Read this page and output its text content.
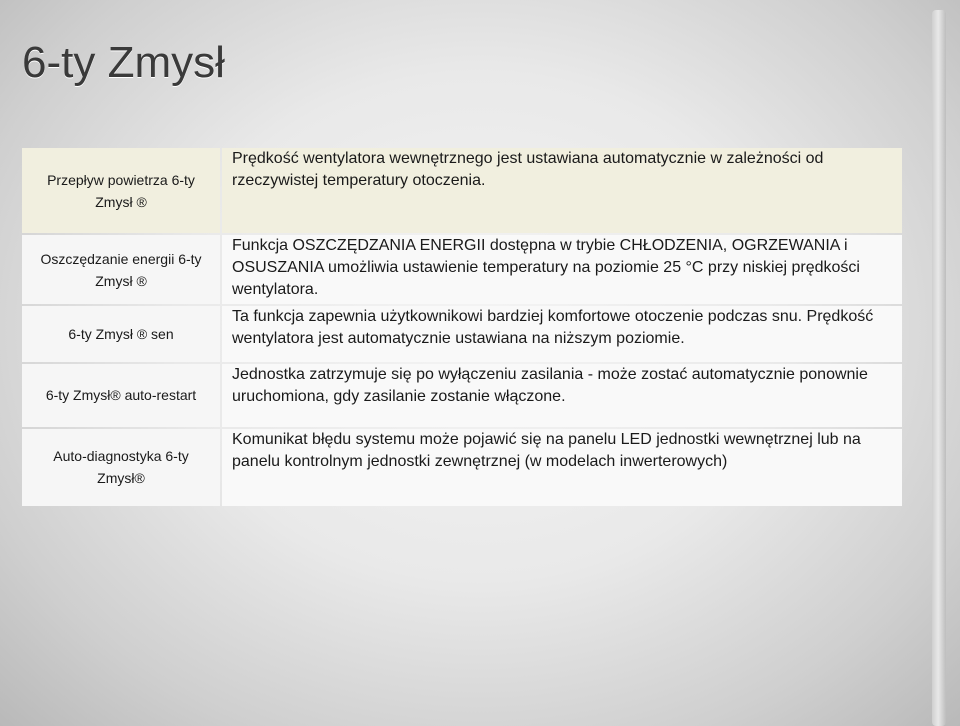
6-ty Zmysł
Przepływ powietrza 6-ty Zmysł ®	Prędkość wentylatora wewnętrznego jest ustawiana automatycznie w zależności od rzeczywistej temperatury otoczenia.
Oszczędzanie energii 6-ty Zmysł ®	Funkcja OSZCZĘDZANIA ENERGII dostępna w trybie CHŁODZENIA, OGRZEWANIA i OSUSZANIA umożliwia ustawienie temperatury na poziomie 25 °C przy niskiej prędkości wentylatora.
6-ty Zmysł ® sen	Ta funkcja zapewnia użytkownikowi bardziej komfortowe otoczenie podczas snu. Prędkość wentylatora jest automatycznie ustawiana na niższym poziomie.
6-ty Zmysł® auto-restart	Jednostka zatrzymuje się po wyłączeniu zasilania - może zostać automatycznie ponownie uruchomiona, gdy zasilanie zostanie włączone.
Auto-diagnostyka 6-ty Zmysł®	Komunikat błędu systemu może pojawić się na panelu LED jednostki wewnętrznej lub na panelu kontrolnym jednostki zewnętrznej (w modelach inwerterowych)
